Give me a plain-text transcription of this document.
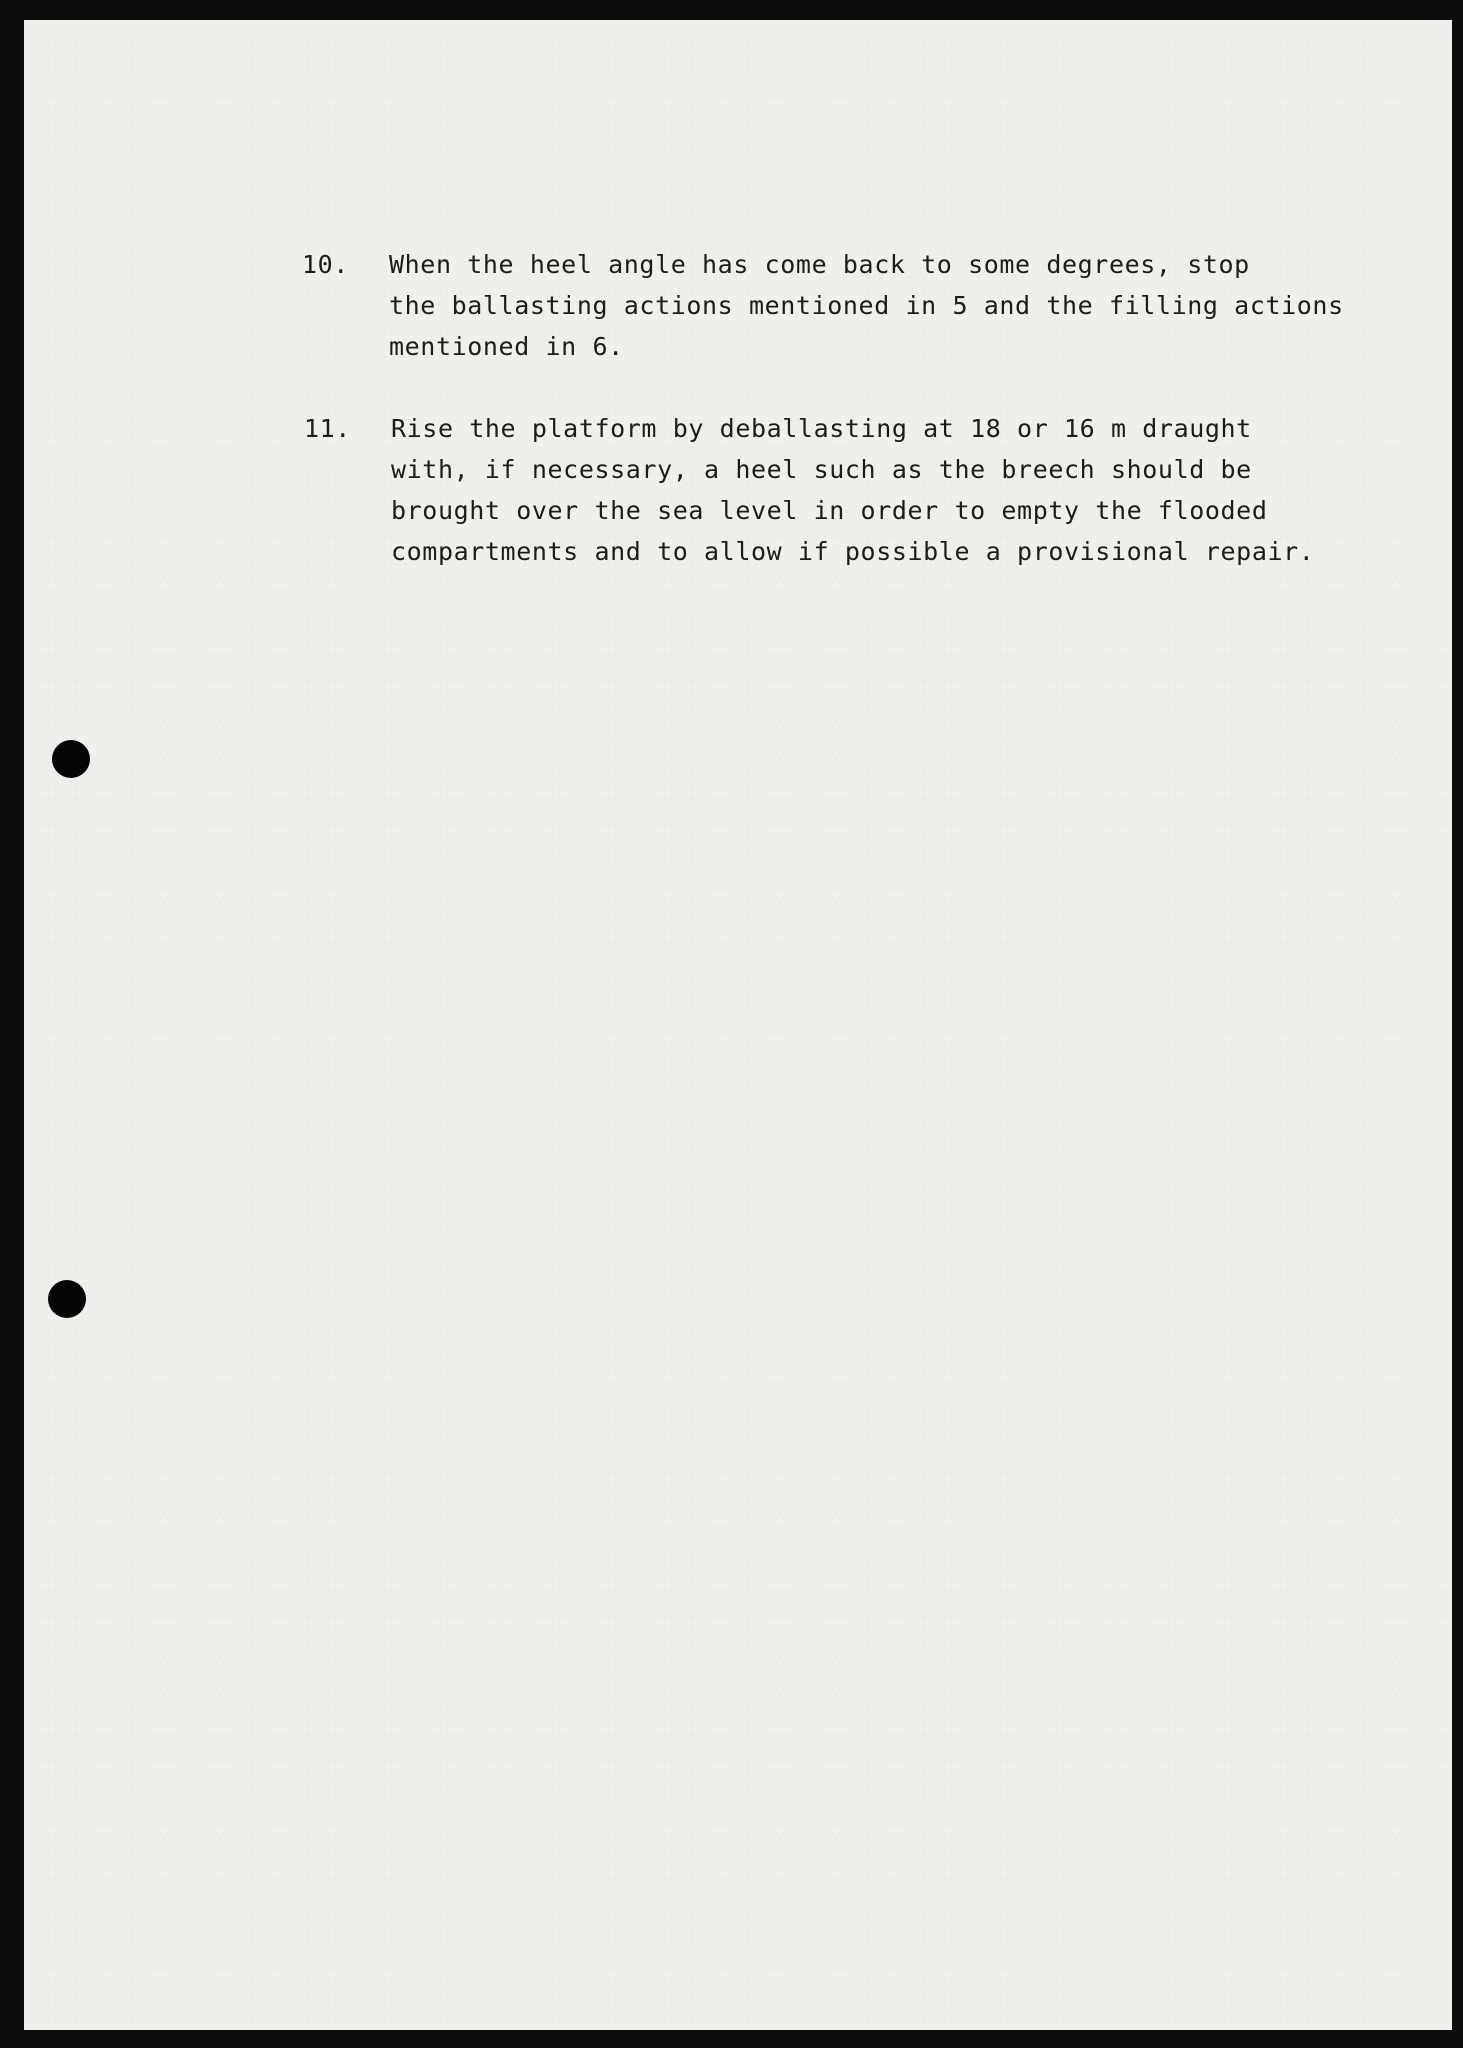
10. When the heel angle has come back to some degrees, stop
the ballasting actions mentioned in 5 and the filling actions
mentioned in 6.
11. Rise the platform by deballasting at 18 or 16 m draught
with, if necessary, a heel such as the breech should be
brought over the sea level in order to empty the flooded
compartments and to allow if possible a provisional repair.
